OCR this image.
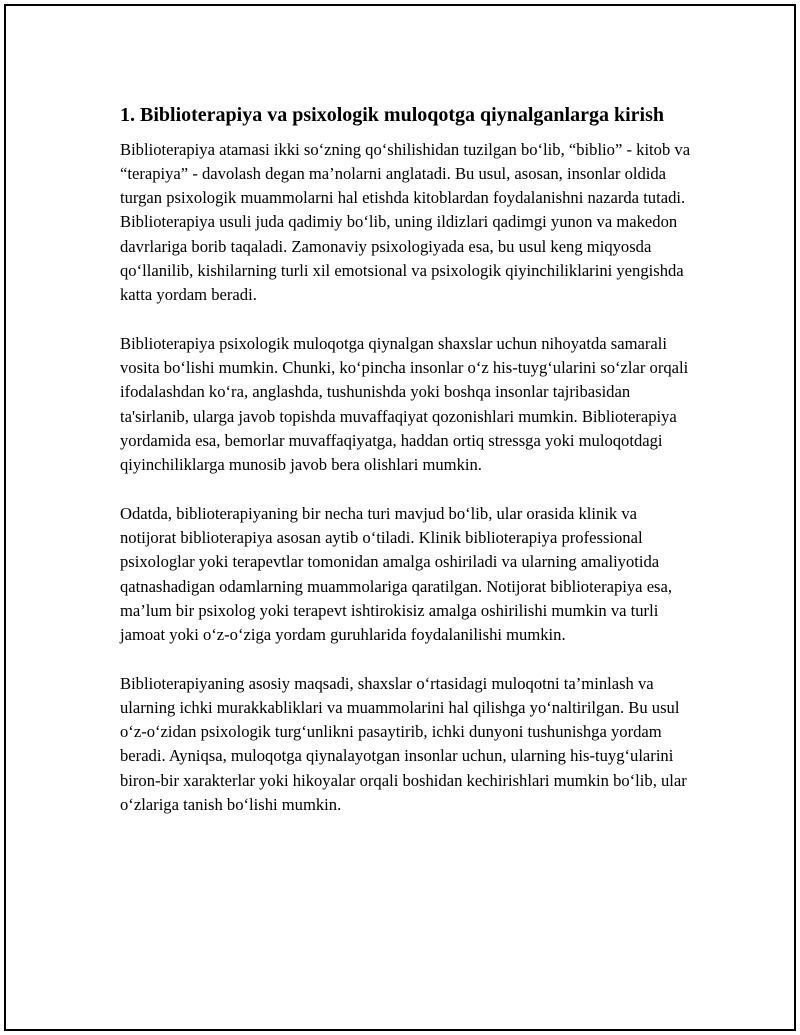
1. Biblioterapiya va psixologik muloqotga qiynalganlarga kirish

Biblioterapiya atamasi ikki so‘zning qo‘shilishidan tuzilgan bo‘lib, “biblio” - kitob va “terapiya” - davolash degan ma’nolarni anglatadi. Bu usul, asosan, insonlar oldida turgan psixologik muammolarni hal etishda kitoblardan foydalanishni nazarda tutadi. Biblioterapiya usuli juda qadimiy bo‘lib, uning ildizlari qadimgi yunon va makedon davrlariga borib taqaladi. Zamonaviy psixologiyada esa, bu usul keng miqyosda qo‘llanilib, kishilarning turli xil emotsional va psixologik qiyinchiliklarini yengishda katta yordam beradi.

Biblioterapiya psixologik muloqotga qiynalgan shaxslar uchun nihoyatda samarali vosita bo‘lishi mumkin. Chunki, ko‘pincha insonlar o‘z his-tuyg‘ularini so‘zlar orqali ifodalashdan ko‘ra, anglashda, tushunishda yoki boshqa insonlar tajribasidan ta'sirlanib, ularga javob topishda muvaffaqiyat qozonishlari mumkin. Biblioterapiya yordamida esa, bemorlar muvaffaqiyatga, haddan ortiq stressga yoki muloqotdagi qiyinchiliklarga munosib javob bera olishlari mumkin.

Odatda, biblioterapiyaning bir necha turi mavjud bo‘lib, ular orasida klinik va notijorat biblioterapiya asosan aytib o‘tiladi. Klinik biblioterapiya professional psixologlar yoki terapevtlar tomonidan amalga oshiriladi va ularning amaliyotida qatnashadigan odamlarning muammolariga qaratilgan. Notijorat biblioterapiya esa, ma’lum bir psixolog yoki terapevt ishtirokisiz amalga oshirilishi mumkin va turli jamoat yoki o‘z-o‘ziga yordam guruhlarida foydalanilishi mumkin.

Biblioterapiyaning asosiy maqsadi, shaxslar o‘rtasidagi muloqotni ta’minlash va ularning ichki murakkabliklari va muammolarini hal qilishga yo‘naltirilgan. Bu usul o‘z-o‘zidan psixologik turg‘unlikni pasaytirib, ichki dunyoni tushunishga yordam beradi. Ayniqsa, muloqotga qiynalayotgan insonlar uchun, ularning his-tuyg‘ularini biron-bir xarakterlar yoki hikoyalar orqali boshidan kechirishlari mumkin bo‘lib, ular o‘zlariga tanish bo‘lishi mumkin.
